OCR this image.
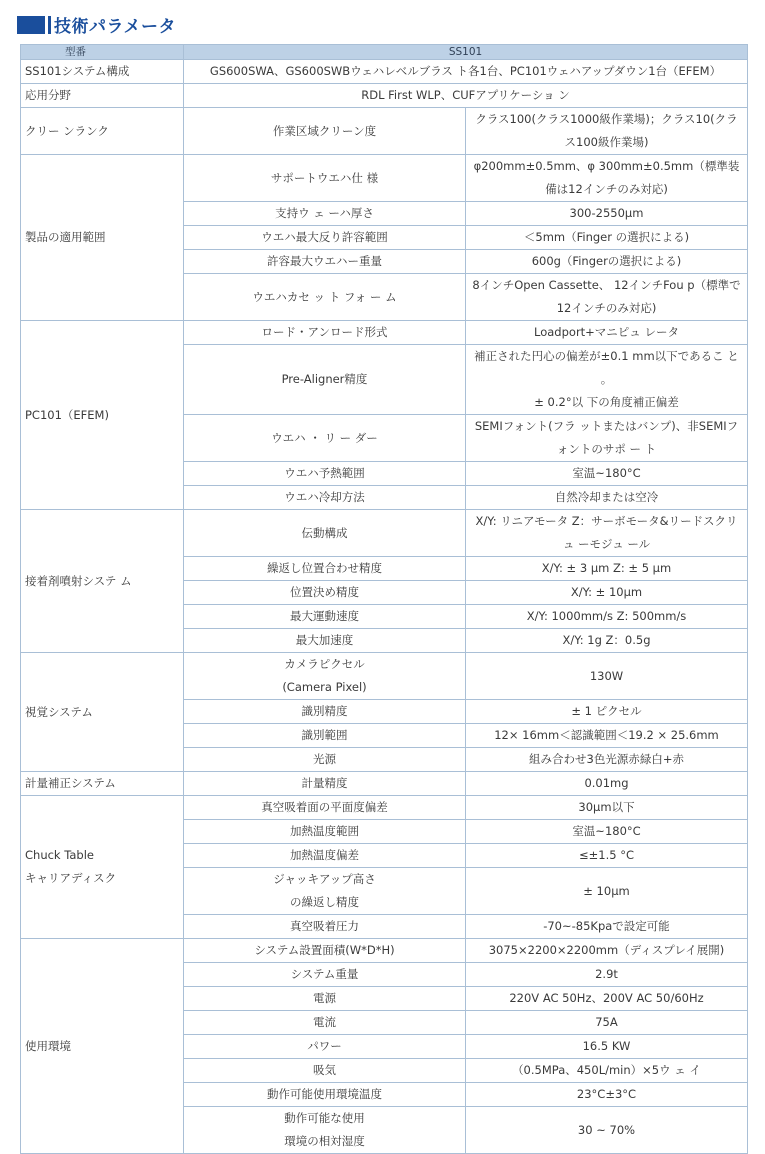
技術パラメータ
型番	SS101	
SS101システム構成	GS600SWA、GS600SWBウェハレベルブラス ト各1台、PC101ウェハアップダウン1台（EFEM）	
応用分野	RDL First WLP、CUFアプリケーショ ン	
クリー ンランク	作業区域クリーン度	クラス100(クラス1000級作業場)；クラス10(クラス100級作業場)
製品の適用範囲	サポートウエハ仕 様	φ200mm±0.5mm、φ 300mm±0.5mm（標準装備は12インチのみ対応)
	支持ウ ェ ーハ厚さ	300-2550μm
	ウエハ最大反り許容範囲	＜5mm（Finger の選択による)
	許容最大ウエハー重量	600g（Fingerの選択による)
	ウエハカセ ッ ト フォ ー ム	8インチOpen Cassette、 12インチFou p（標準で12インチのみ対応)
PC101（EFEM)	ロード・アンロード形式	Loadport+マニピュ レータ
	Pre-Aligner精度	補正された円心の偏差が±0.1 mm以下であるこ と 。
± 0.2°以 下の角度補正偏差

	ウエハ ・ リ ー ダー	SEMIフォント(フラ ットまたはバンプ)、非SEMIフォントのサポ ー ト
	ウエハ予熱範囲	室温~180°C
	ウエハ冷却方法	自然冷却または空冷
接着剤噴射システ ム	伝動構成	X/Y: リニアモータ Z：サーボモータ&リードスクリュ ーモジュ ール
	繰返し位置合わせ精度	X/Y: ± 3 μm Z: ± 5 μm
	位置決め精度	X/Y: ± 10μm
	最大運動速度	X/Y: 1000mm/s Z: 500mm/s
	最大加速度	X/Y: 1g Z：0.5g
視覚システム	カメラピクセル
(Camera Pixel)	130W
	識別精度	± 1 ピクセル
	識別範囲	12× 16mm＜認識範囲＜19.2 × 25.6mm
	光源	組み合わせ3色光源赤緑白+赤
計量補正システム	計量精度	0.01mg

Chuck Table
キャリアディスク	真空吸着面の平面度偏差	30μm以下
	加熱温度範囲	室温~180°C
	加熱温度偏差	≤±1.5 °C

	ジャッキアップ高さ
の繰返し精度	± 10μm
	真空吸着圧力	-70~-85Kpaで設定可能
使用環境	システム設置面積(W*D*H)	3075×2200×2200mm（ディスプレイ展開)
	システム重量	2.9t
	電源	220V AC 50Hz、200V AC 50/60Hz
	電流	75A
	パワー	16.5 KW
	吸気	（0.5MPa、450L/min）×5ウ ェ イ
	動作可能使用環境温度	23°C±3°C

	動作可能な使用
環境の相対湿度	30 ~ 70%
